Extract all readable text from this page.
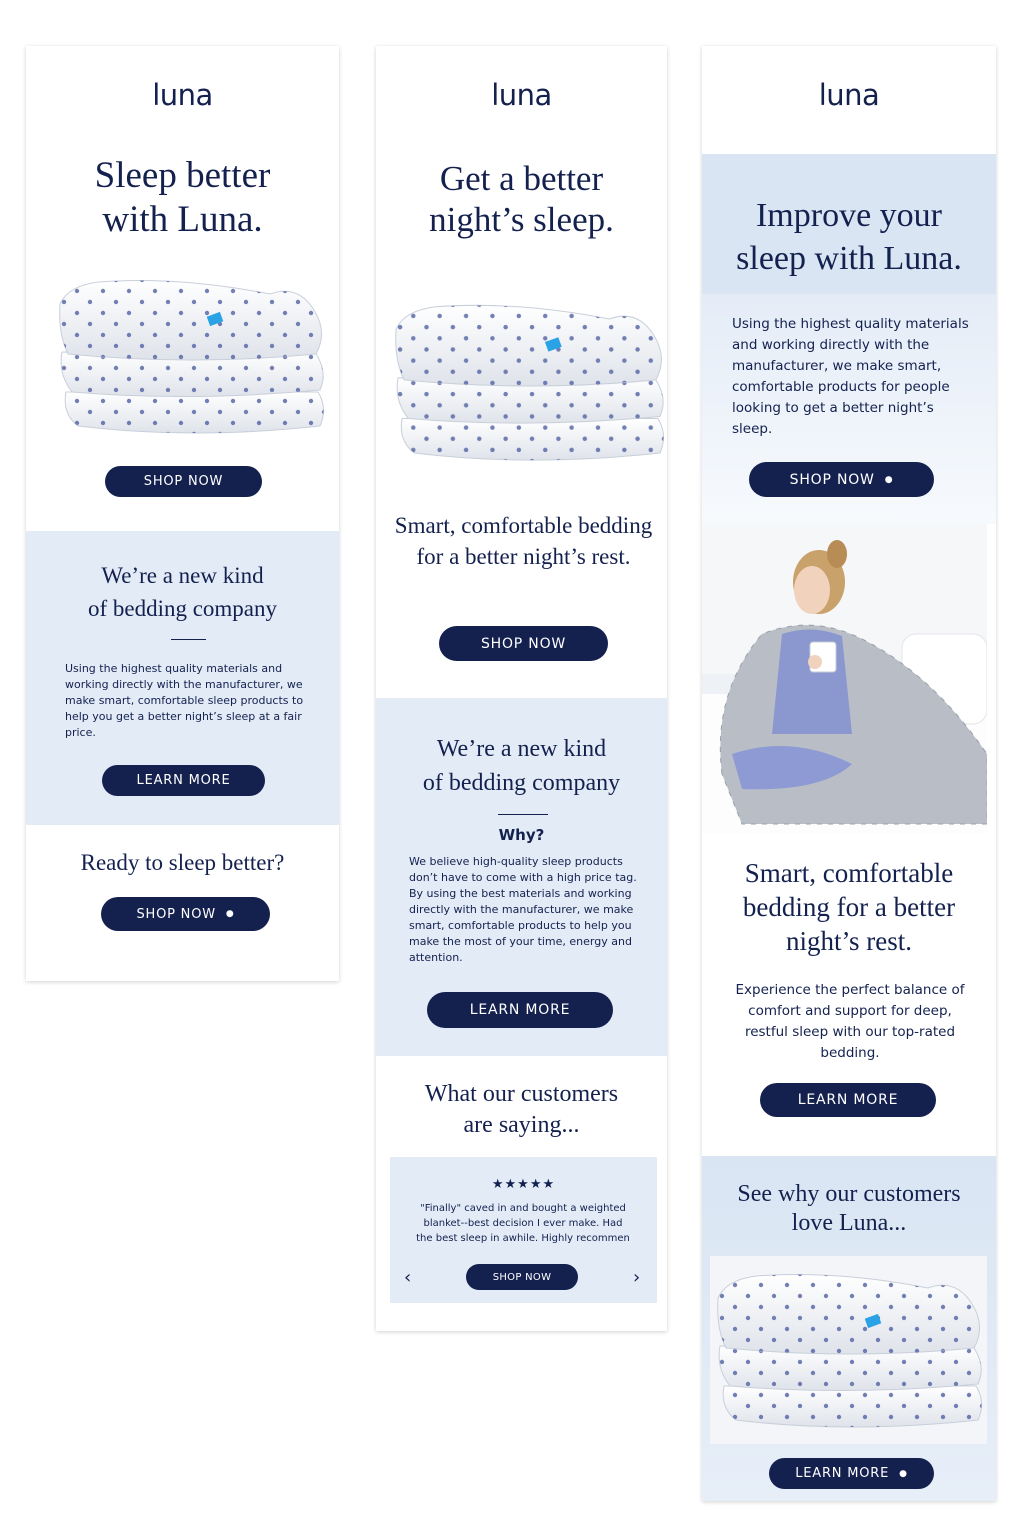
luna
Sleep better
with Luna.
SHOP NOW
We’re a new kind
of bedding company
Using the highest quality materials and working directly with the manufacturer, we make smart, comfortable sleep products to help you get a better night’s sleep at a fair price.
LEARN MORE
Ready to sleep better?
SHOP NOW ●
luna
Get a better
night’s sleep.
Smart, comfortable bedding for a better night’s rest.
SHOP NOW
We’re a new kind
of bedding company
Why?
We believe high-quality sleep products don’t have to come with a high price tag. By using the best materials and working directly with the manufacturer, we make smart, comfortable products to help you make the most of your time, energy and attention.
LEARN MORE
What our customers
are saying...
★★★★★
"Finally" caved in and bought a weighted blanket--best decision I ever make. Had the best sleep in awhile. Highly recommen
‹	SHOP NOW	›
luna
Improve your
sleep with Luna.
Using the highest quality materials and working directly with the manufacturer, we make smart, comfortable products for people looking to get a better night’s sleep.
SHOP NOW ●
Smart, comfortable
bedding for a better
night’s rest.
Experience the perfect balance of comfort and support for deep, restful sleep with our top-rated bedding.
LEARN MORE
See why our customers
love Luna...
LEARN MORE ●
